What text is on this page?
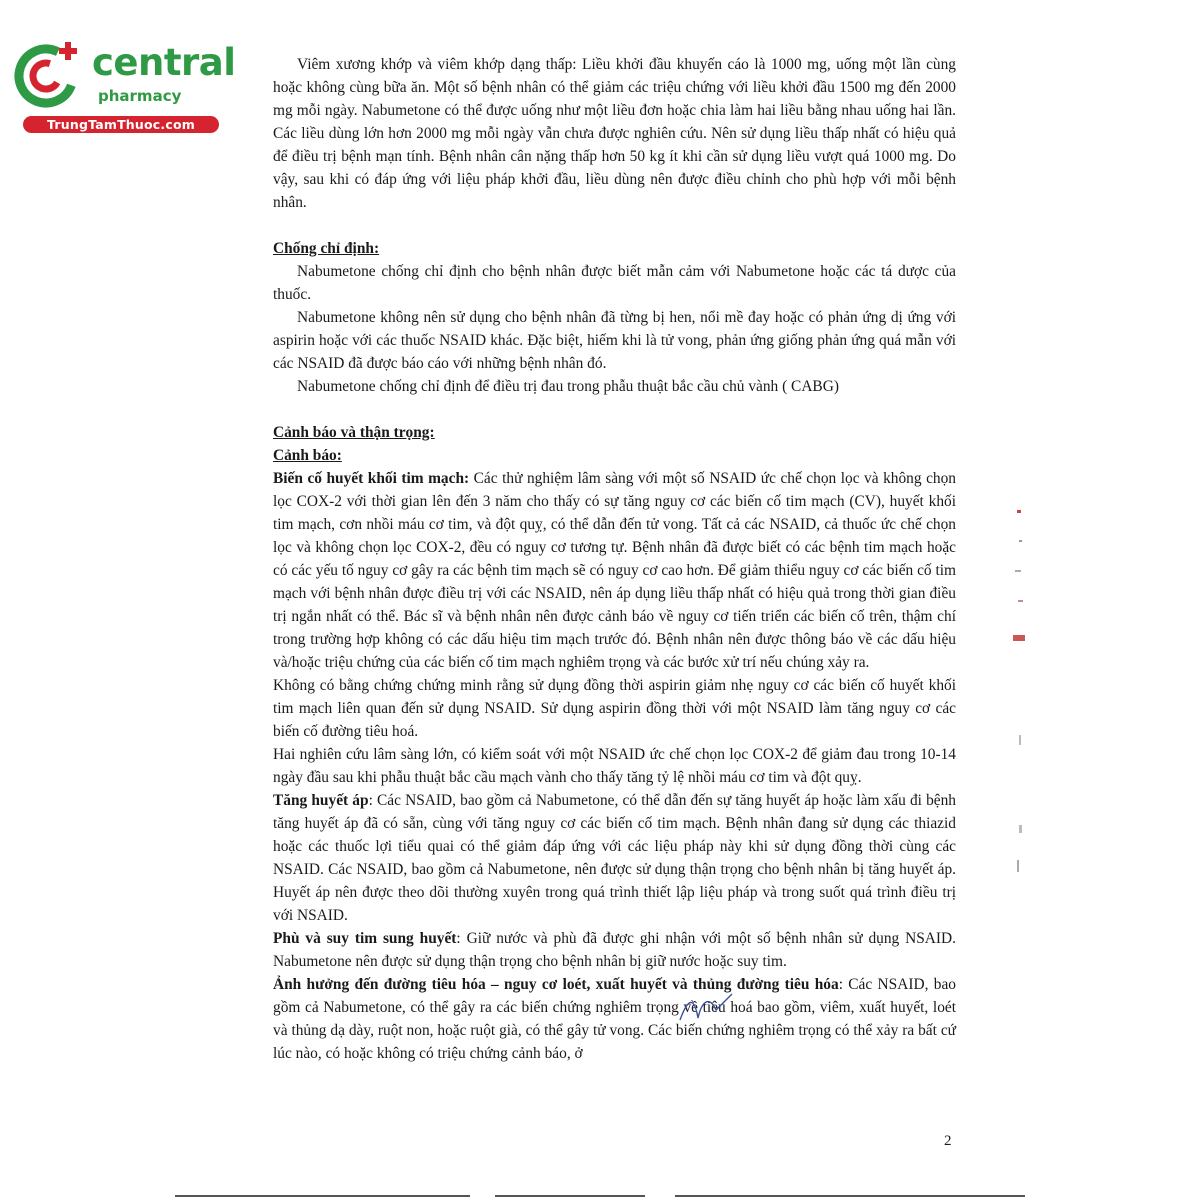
central
pharmacy
TrungTamThuoc.com

Viêm xương khớp và viêm khớp dạng thấp: Liều khởi đầu khuyến cáo là 1000 mg, uống một lần cùng hoặc không cùng bữa ăn. Một số bệnh nhân có thể giảm các triệu chứng với liều khởi đầu 1500 mg đến 2000 mg mỗi ngày. Nabumetone có thể được uống như một liều đơn hoặc chia làm hai liều bằng nhau uống hai lần. Các liều dùng lớn hơn 2000 mg mỗi ngày vẫn chưa được nghiên cứu. Nên sử dụng liều thấp nhất có hiệu quả để điều trị bệnh mạn tính. Bệnh nhân cân nặng thấp hơn 50 kg ít khi cần sử dụng liều vượt quá 1000 mg. Do vậy, sau khi có đáp ứng với liệu pháp khởi đầu, liều dùng nên được điều chỉnh cho phù hợp với mỗi bệnh nhân.

Chống chỉ định:

Nabumetone chống chỉ định cho bệnh nhân được biết mẫn cảm với Nabumetone hoặc các tá dược của thuốc.

Nabumetone không nên sử dụng cho bệnh nhân đã từng bị hen, nổi mề đay hoặc có phản ứng dị ứng với aspirin hoặc với các thuốc NSAID khác. Đặc biệt, hiếm khi là tử vong, phản ứng giống phản ứng quá mẫn với các NSAID đã được báo cáo với những bệnh nhân đó.

Nabumetone chống chỉ định để điều trị đau trong phẫu thuật bắc cầu chủ vành ( CABG)

Cảnh báo và thận trọng:

Cảnh báo:

Biến cố huyết khối tim mạch: Các thử nghiệm lâm sàng với một số NSAID ức chế chọn lọc và không chọn lọc COX-2 với thời gian lên đến 3 năm cho thấy có sự tăng nguy cơ các biến cố tim mạch (CV), huyết khối tim mạch, cơn nhồi máu cơ tim, và đột quỵ, có thể dẫn đến tử vong. Tất cả các NSAID, cả thuốc ức chế chọn lọc và không chọn lọc COX-2, đều có nguy cơ tương tự. Bệnh nhân đã được biết có các bệnh tim mạch hoặc có các yếu tố nguy cơ gây ra các bệnh tim mạch sẽ có nguy cơ cao hơn. Để giảm thiểu nguy cơ các biến cố tim mạch với bệnh nhân được điều trị với các NSAID, nên áp dụng liều thấp nhất có hiệu quả trong thời gian điều trị ngắn nhất có thể. Bác sĩ và bệnh nhân nên được cảnh báo về nguy cơ tiến triển các biến cố trên, thậm chí trong trường hợp không có các dấu hiệu tim mạch trước đó. Bệnh nhân nên được thông báo về các dấu hiệu và/hoặc triệu chứng của các biến cố tim mạch nghiêm trọng và các bước xử trí nếu chúng xảy ra.

Không có bằng chứng chứng minh rằng sử dụng đồng thời aspirin giảm nhẹ nguy cơ các biến cố huyết khối tim mạch liên quan đến sử dụng NSAID. Sử dụng aspirin đồng thời với một NSAID làm tăng nguy cơ các biến cố đường tiêu hoá.

Hai nghiên cứu lâm sàng lớn, có kiểm soát với một NSAID ức chế chọn lọc COX-2 để giảm đau trong 10-14 ngày đầu sau khi phẫu thuật bắc cầu mạch vành cho thấy tăng tỷ lệ nhồi máu cơ tim và đột quỵ.

Tăng huyết áp: Các NSAID, bao gồm cả Nabumetone, có thể dẫn đến sự tăng huyết áp hoặc làm xấu đi bệnh tăng huyết áp đã có sẵn, cùng với tăng nguy cơ các biến cố tim mạch. Bệnh nhân đang sử dụng các thiazid hoặc các thuốc lợi tiểu quai có thể giảm đáp ứng với các liệu pháp này khi sử dụng đồng thời cùng các NSAID. Các NSAID, bao gồm cả Nabumetone, nên được sử dụng thận trọng cho bệnh nhân bị tăng huyết áp. Huyết áp nên được theo dõi thường xuyên trong quá trình thiết lập liệu pháp và trong suốt quá trình điều trị với NSAID.

Phù và suy tim sung huyết: Giữ nước và phù đã được ghi nhận với một số bệnh nhân sử dụng NSAID. Nabumetone nên được sử dụng thận trọng cho bệnh nhân bị giữ nước hoặc suy tim.

Ảnh hưởng đến đường tiêu hóa – nguy cơ loét, xuất huyết và thủng đường tiêu hóa: Các NSAID, bao gồm cả Nabumetone, có thể gây ra các biến chứng nghiêm trọng về tiêu hoá bao gồm, viêm, xuất huyết, loét và thủng dạ dày, ruột non, hoặc ruột già, có thể gây tử vong. Các biến chứng nghiêm trọng có thể xảy ra bất cứ lúc nào, có hoặc không có triệu chứng cảnh báo, ở

2
